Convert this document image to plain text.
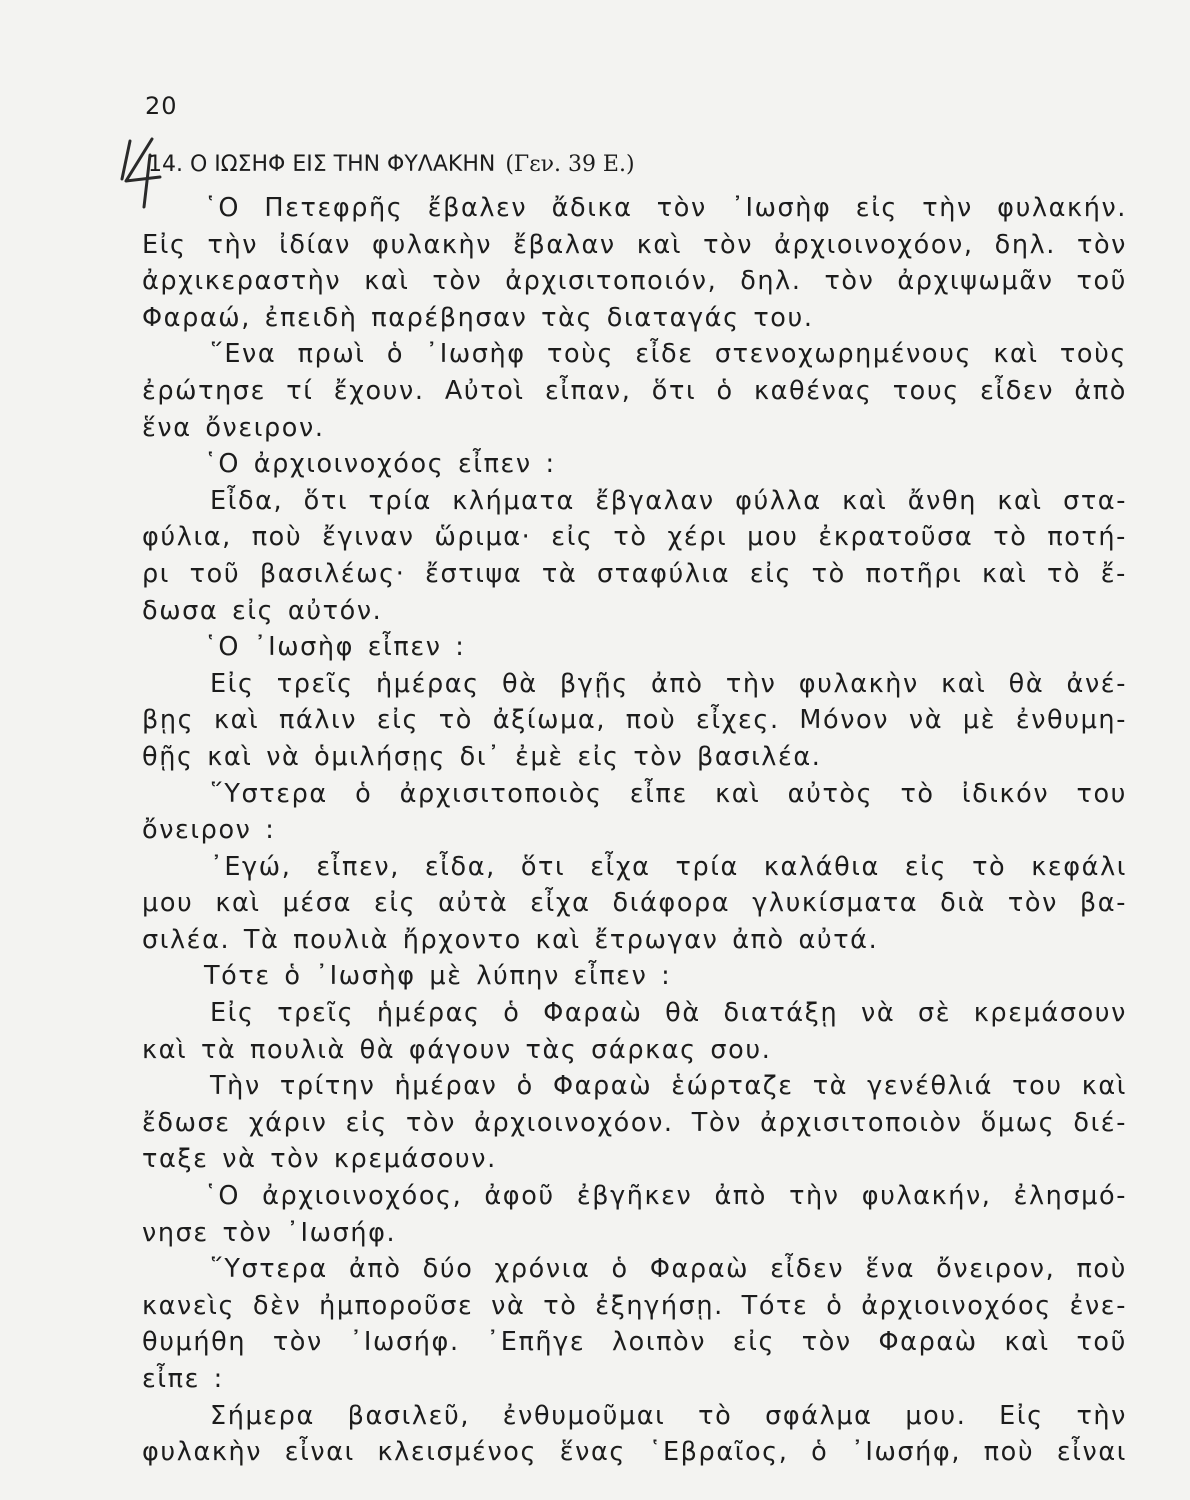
20
14. Ο ΙΩΣΗΦ ΕΙΣ ΤΗΝ ΦΥΛΑΚΗΝ (Γεν. 39 Ε.)

῾Ο Πετεφρῆς ἔβαλεν ἄδικα τὸν ᾿Ιωσὴφ εἰς τὴν φυλακήν.

Εἰς τὴν ἰδίαν φυλακὴν ἔβαλαν καὶ τὸν ἀρχιοινοχόον, δηλ. τὸν

ἀρχικεραστὴν καὶ τὸν ἀρχισιτοποιόν, δηλ. τὸν ἀρχιψωμᾶν τοῦ

Φαραώ, ἐπειδὴ παρέβησαν τὰς διαταγάς του.

῞Ενα πρωὶ ὁ ᾿Ιωσὴφ τοὺς εἶδε στενοχωρημένους καὶ τοὺς

ἐρώτησε τί ἔχουν. Αὐτοὶ εἶπαν, ὅτι ὁ καθένας τους εἶδεν ἀπὸ

ἕνα ὄνειρον.

῾Ο ἀρχιοινοχόος εἶπεν :

Εἶδα, ὅτι τρία κλήματα ἔβγαλαν φύλλα καὶ ἄνθη καὶ στα-

φύλια, ποὺ ἔγιναν ὥριμα· εἰς τὸ χέρι μου ἐκρατοῦσα τὸ ποτή-

ρι τοῦ βασιλέως· ἔστιψα τὰ σταφύλια εἰς τὸ ποτῆρι καὶ τὸ ἔ-

δωσα εἰς αὐτόν.

῾Ο ᾿Ιωσὴφ εἶπεν :

Εἰς τρεῖς ἡμέρας θὰ βγῇς ἀπὸ τὴν φυλακὴν καὶ θὰ ἀνέ-

βῃς καὶ πάλιν εἰς τὸ ἀξίωμα, ποὺ εἶχες. Μόνον νὰ μὲ ἐνθυμη-

θῇς καὶ νὰ ὁμιλήσῃς δι᾿ ἐμὲ εἰς τὸν βασιλέα.

῞Υστερα ὁ ἀρχισιτοποιὸς εἶπε καὶ αὐτὸς τὸ ἰδικόν του

ὄνειρον :

᾿Εγώ, εἶπεν, εἶδα, ὅτι εἶχα τρία καλάθια εἰς τὸ κεφάλι

μου καὶ μέσα εἰς αὐτὰ εἶχα διάφορα γλυκίσματα διὰ τὸν βα-

σιλέα. Τὰ πουλιὰ ἤρχοντο καὶ ἔτρωγαν ἀπὸ αὐτά.

Τότε ὁ ᾿Ιωσὴφ μὲ λύπην εἶπεν :

Εἰς τρεῖς ἡμέρας ὁ Φαραὼ θὰ διατάξῃ νὰ σὲ κρεμάσουν

καὶ τὰ πουλιὰ θὰ φάγουν τὰς σάρκας σου.

Τὴν τρίτην ἡμέραν ὁ Φαραὼ ἑώρταζε τὰ γενέθλιά του καὶ

ἔδωσε χάριν εἰς τὸν ἀρχιοινοχόον. Τὸν ἀρχισιτοποιὸν ὅμως διέ-

ταξε νὰ τὸν κρεμάσουν.

῾Ο ἀρχιοινοχόος, ἀφοῦ ἐβγῆκεν ἀπὸ τὴν φυλακήν, ἐλησμό-

νησε τὸν ᾿Ιωσήφ.

῞Υστερα ἀπὸ δύο χρόνια ὁ Φαραὼ εἶδεν ἕνα ὄνειρον, ποὺ

κανεὶς δὲν ἠμποροῦσε νὰ τὸ ἐξηγήσῃ. Τότε ὁ ἀρχιοινοχόος ἐνε-

θυμήθη τὸν ᾿Ιωσήφ. ᾿Επῆγε λοιπὸν εἰς τὸν Φαραὼ καὶ τοῦ

εἶπε :

Σήμερα βασιλεῦ, ἐνθυμοῦμαι τὸ σφάλμα μου. Εἰς τὴν

φυλακὴν εἶναι κλεισμένος ἕνας ῾Εβραῖος, ὁ ᾿Ιωσήφ, ποὺ εἶναι
